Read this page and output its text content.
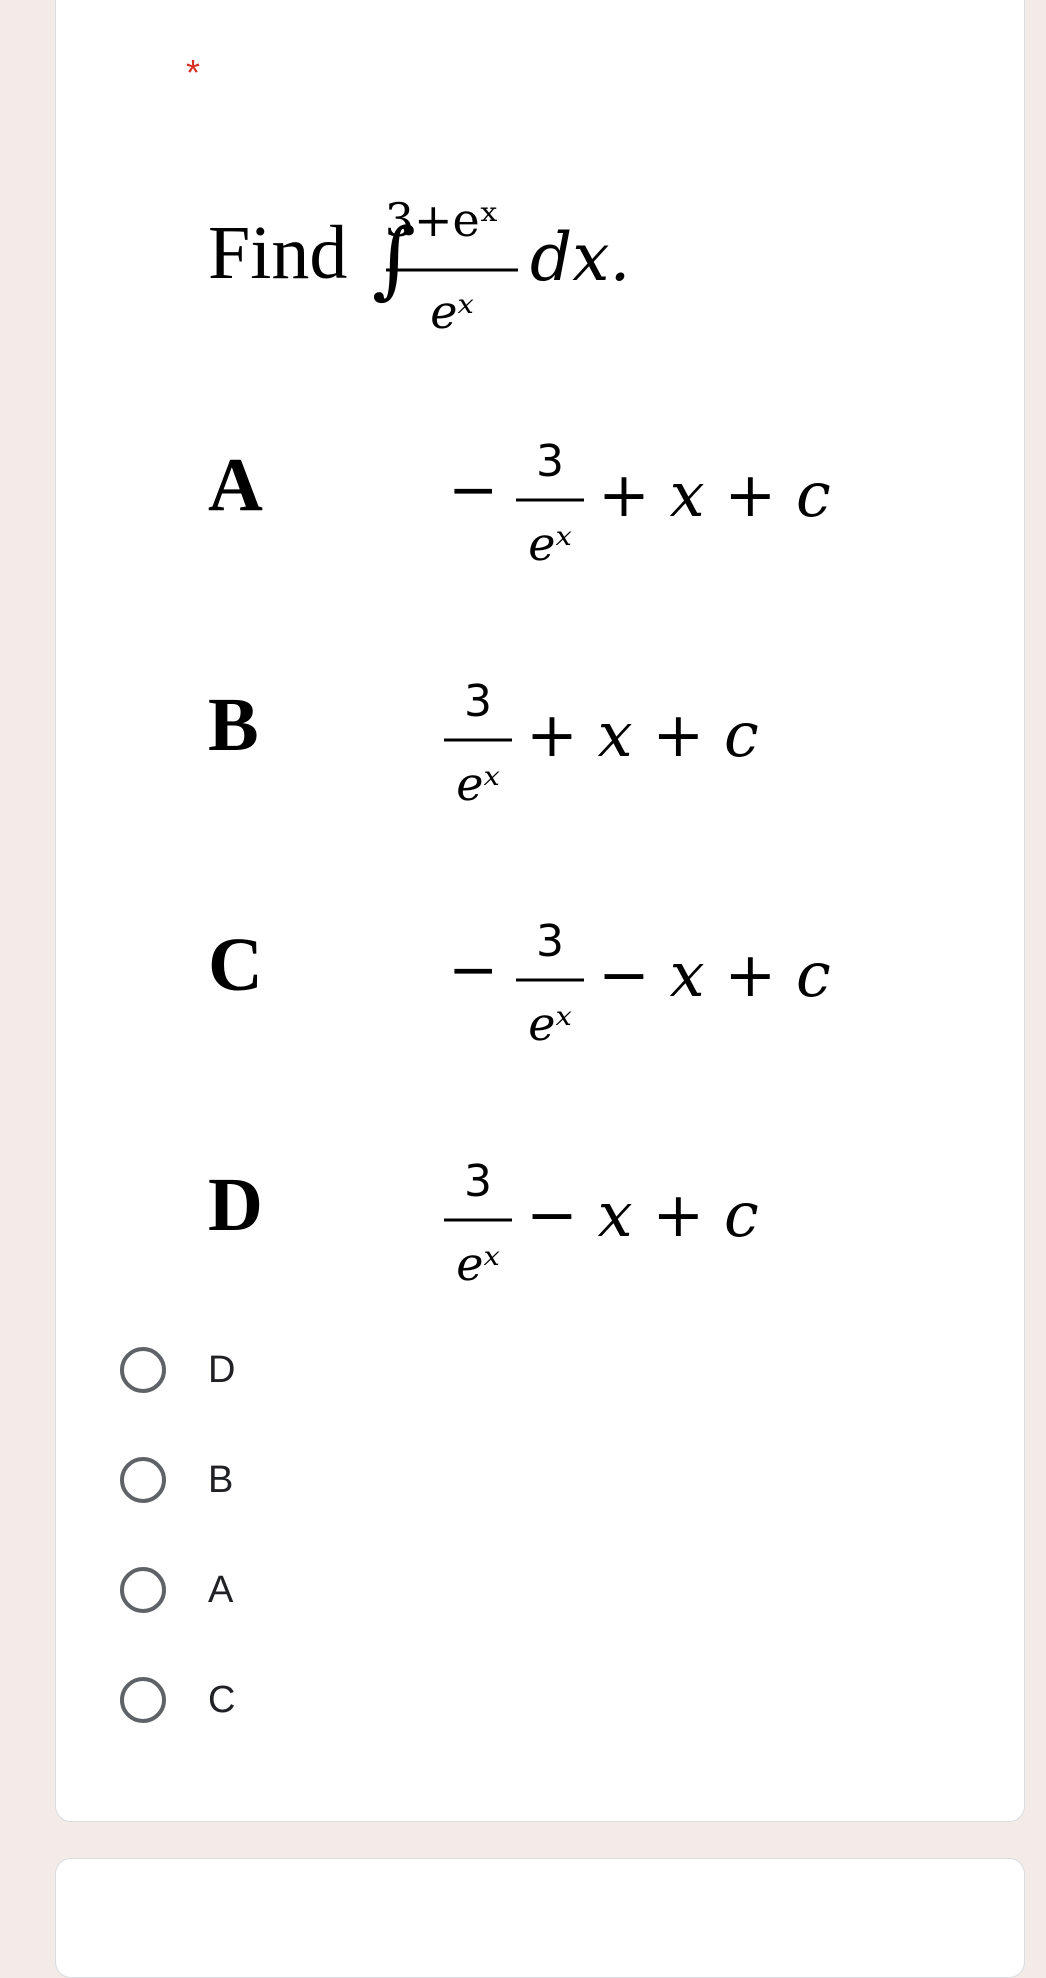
*
Find ∫
3+eˣ
eˣ
dx.
A	− 3
eˣ
+ x + c
B	3
eˣ
+ x + c
C	− 3
eˣ
− x + c
D	3
eˣ
− x + c
D
B
A
C
